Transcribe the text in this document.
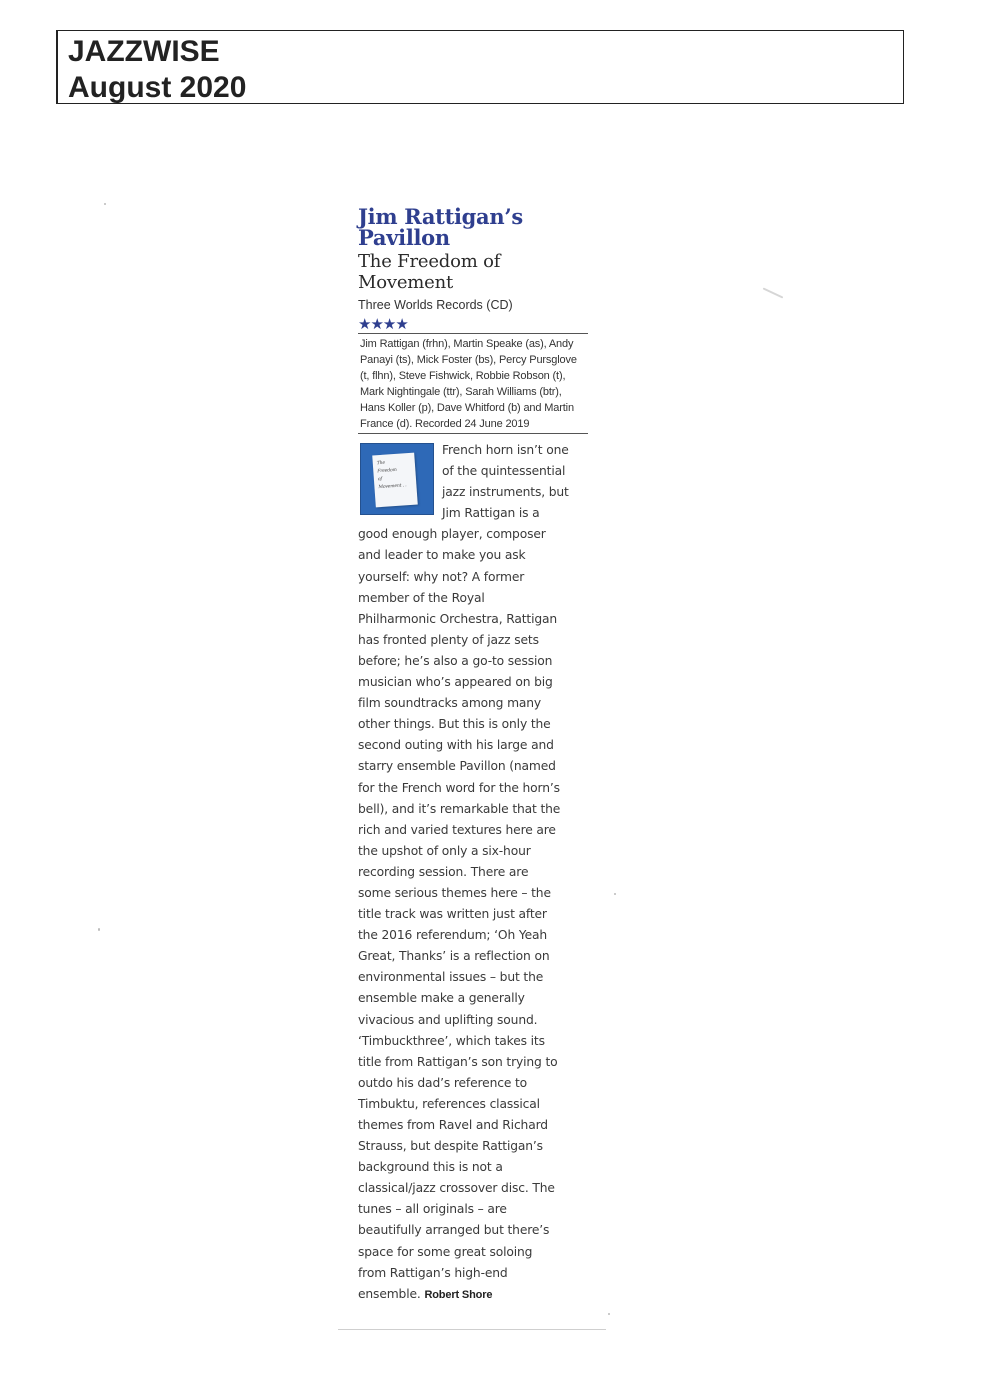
JAZZWISE
August 2020
Jim Rattigan’s
Pavillon
The Freedom of
Movement
Three Worlds Records (CD)
★★★★
Jim Rattigan (frhn), Martin Speake (as), Andy
Panayi (ts), Mick Foster (bs), Percy Pursglove
(t, flhn), Steve Fishwick, Robbie Robson (t),
Mark Nightingale (ttr), Sarah Williams (btr),
Hans Koller (p), Dave Whitford (b) and Martin
France (d). Recorded 24 June 2019
The
Freedom
of
Movement . .
French horn isn’t one
of the quintessential
jazz instruments, but
Jim Rattigan is a
good enough player, composer
and leader to make you ask
yourself: why not? A former
member of the Royal
Philharmonic Orchestra, Rattigan
has fronted plenty of jazz sets
before; he’s also a go-to session
musician who’s appeared on big
film soundtracks among many
other things. But this is only the
second outing with his large and
starry ensemble Pavillon (named
for the French word for the horn’s
bell), and it’s remarkable that the
rich and varied textures here are
the upshot of only a six-hour
recording session. There are
some serious themes here – the
title track was written just after
the 2016 referendum; ‘Oh Yeah
Great, Thanks’ is a reflection on
environmental issues – but the
ensemble make a generally
vivacious and uplifting sound.
‘Timbuckthree’, which takes its
title from Rattigan’s son trying to
outdo his dad’s reference to
Timbuktu, references classical
themes from Ravel and Richard
Strauss, but despite Rattigan’s
background this is not a
classical/jazz crossover disc. The
tunes – all originals – are
beautifully arranged but there’s
space for some great soloing
from Rattigan’s high-end
ensemble. Robert Shore
